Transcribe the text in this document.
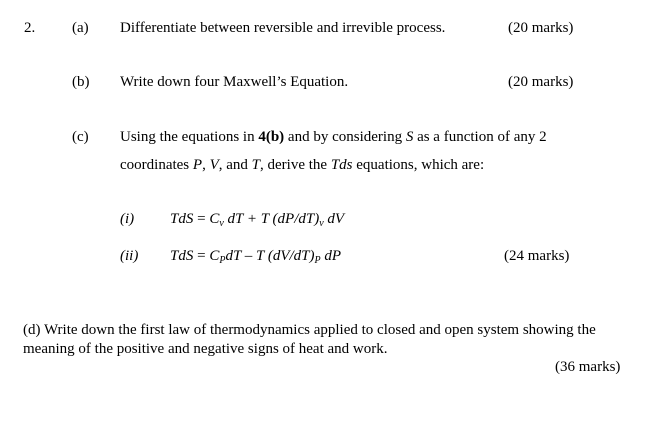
2. (a) Differentiate between reversible and irrevible process.	(20 marks)
(b) Write down four Maxwell’s Equation.	(20 marks)
(c) Using the equations in 4(b) and by considering S as a function of any 2
coordinates P, V, and T, derive the Tds equations, which are:
(i) TdS = $C_v$ dT + T $(dP/dT)_v$ dV
(ii) TdS = $C_PdT$ – T $(dV/dT)_P$ dP	(24 marks)
(d) Write down the first law of thermodynamics applied to closed and open system showing the meaning of the positive and negative signs of heat and work.
(36 marks)
